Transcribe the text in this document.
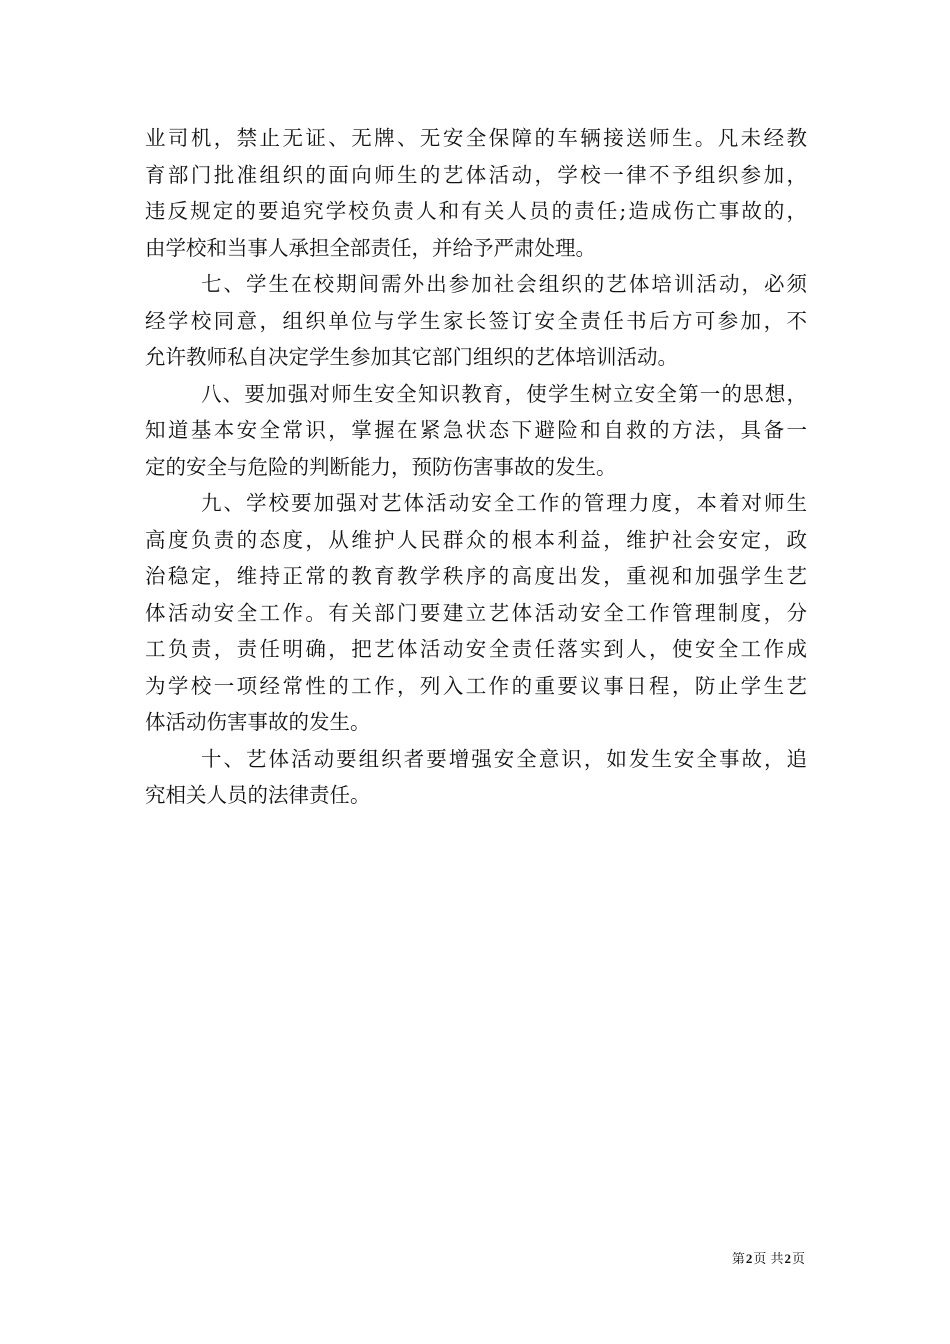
业司机，禁止无证、无牌、无安全保障的车辆接送师生。凡未经教
育部门批准组织的面向师生的艺体活动，学校一律不予组织参加，
违反规定的要追究学校负责人和有关人员的责任;造成伤亡事故的，
由学校和当事人承担全部责任，并给予严肃处理。
七、学生在校期间需外出参加社会组织的艺体培训活动，必须
经学校同意，组织单位与学生家长签订安全责任书后方可参加，不
允许教师私自决定学生参加其它部门组织的艺体培训活动。
八、要加强对师生安全知识教育，使学生树立安全第一的思想，
知道基本安全常识，掌握在紧急状态下避险和自救的方法，具备一
定的安全与危险的判断能力，预防伤害事故的发生。
九、学校要加强对艺体活动安全工作的管理力度，本着对师生
高度负责的态度，从维护人民群众的根本利益，维护社会安定，政
治稳定，维持正常的教育教学秩序的高度出发，重视和加强学生艺
体活动安全工作。有关部门要建立艺体活动安全工作管理制度，分
工负责，责任明确，把艺体活动安全责任落实到人，使安全工作成
为学校一项经常性的工作，列入工作的重要议事日程，防止学生艺
体活动伤害事故的发生。
十、艺体活动要组织者要增强安全意识，如发生安全事故，追
究相关人员的法律责任。
第2页 共2页
